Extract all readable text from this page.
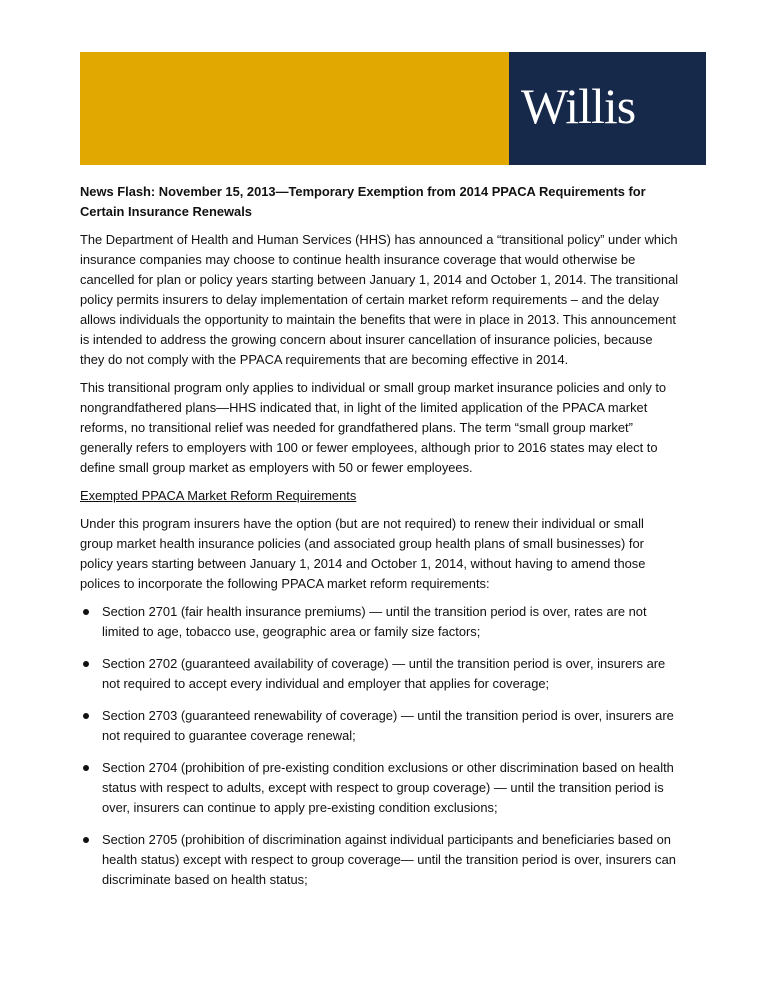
Willis

News Flash: November 15, 2013—Temporary Exemption from 2014 PPACA Requirements for Certain Insurance Renewals

The Department of Health and Human Services (HHS) has announced a “transitional policy” under which insurance companies may choose to continue health insurance coverage that would otherwise be cancelled for plan or policy years starting between January 1, 2014 and October 1, 2014. The transitional policy permits insurers to delay implementation of certain market reform requirements – and the delay allows individuals the opportunity to maintain the benefits that were in place in 2013. This announcement is intended to address the growing concern about insurer cancellation of insurance policies, because they do not comply with the PPACA requirements that are becoming effective in 2014.

This transitional program only applies to individual or small group market insurance policies and only to nongrandfathered plans—HHS indicated that, in light of the limited application of the PPACA market reforms, no transitional relief was needed for grandfathered plans. The term “small group market” generally refers to employers with 100 or fewer employees, although prior to 2016 states may elect to define small group market as employers with 50 or fewer employees.

Exempted PPACA Market Reform Requirements

Under this program insurers have the option (but are not required) to renew their individual or small group market health insurance policies (and associated group health plans of small businesses) for policy years starting between January 1, 2014 and October 1, 2014, without having to amend those polices to incorporate the following PPACA market reform requirements:

Section 2701 (fair health insurance premiums) — until the transition period is over, rates are not limited to age, tobacco use, geographic area or family size factors;
Section 2702 (guaranteed availability of coverage) — until the transition period is over, insurers are not required to accept every individual and employer that applies for coverage;
Section 2703 (guaranteed renewability of coverage) — until the transition period is over, insurers are not required to guarantee coverage renewal;
Section 2704 (prohibition of pre-existing condition exclusions or other discrimination based on health status with respect to adults, except with respect to group coverage) — until the transition period is over, insurers can continue to apply pre-existing condition exclusions;
Section 2705 (prohibition of discrimination against individual participants and beneficiaries based on health status) except with respect to group coverage— until the transition period is over, insurers can discriminate based on health status;
